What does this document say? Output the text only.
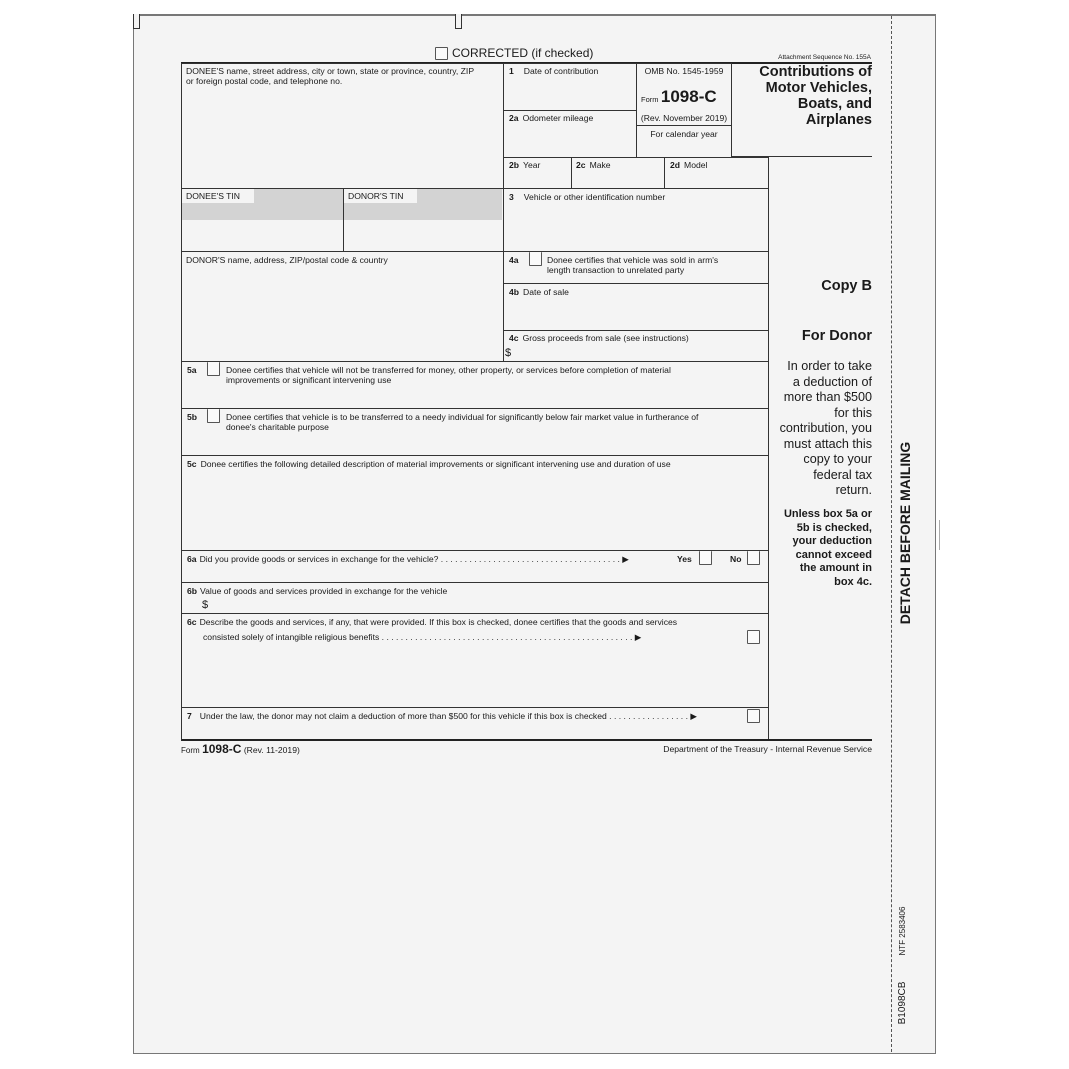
CORRECTED (if checked)	Attachment Sequence No. 155A
DONEE'S name, street address, city or town, state or province, country, ZIP
or foreign postal code, and telephone no.
1 Date of contribution
2a Odometer mileage
OMB No. 1545-1959
Form 1098-C
(Rev. November 2019)
For calendar year
Contributions of
Motor Vehicles,
Boats, and
Airplanes
2b Year	2c Make	2d Model
DONEE'S TIN	DONOR'S TIN	3 Vehicle or other identification number
DONOR'S name, address, ZIP/postal code & country	4a	Donee certifies that vehicle was sold in arm's
length transaction to unrelated party
4b Date of sale
4c Gross proceeds from sale (see instructions)
$
5a	Donee certifies that vehicle will not be transferred for money, other property, or services before completion of material
improvements or significant intervening use
5b	Donee certifies that vehicle is to be transferred to a needy individual for significantly below fair market value in furtherance of
donee's charitable purpose
5c Donee certifies the following detailed description of material improvements or significant intervening use and duration of use
6a Did you provide goods or services in exchange for the vehicle? . . . . . . . . . . . . . . . . . . . . . . . . . . . . . . . . . . . . . . ▶	Yes	No
6b Value of goods and services provided in exchange for the vehicle
$
6c Describe the goods and services, if any, that were provided. If this box is checked, donee certifies that the goods and services
consisted solely of intangible religious benefits . . . . . . . . . . . . . . . . . . . . . . . . . . . . . . . . . . . . . . . . . . . . . . . . . . . . . ▶
7 Under the law, the donor may not claim a deduction of more than $500 for this vehicle if this box is checked . . . . . . . . . . . . . . . . . ▶
Copy B
For Donor
In order to take
a deduction of
more than $500
for this
contribution, you
must attach this
copy to your
federal tax
return.
Unless box 5a or
5b is checked,
your deduction
cannot exceed
the amount in
box 4c. DETACH BEFORE MAILING
NTF 2583406
B1098CB
Form 1098-C (Rev. 11-2019)	Department of the Treasury - Internal Revenue Service
